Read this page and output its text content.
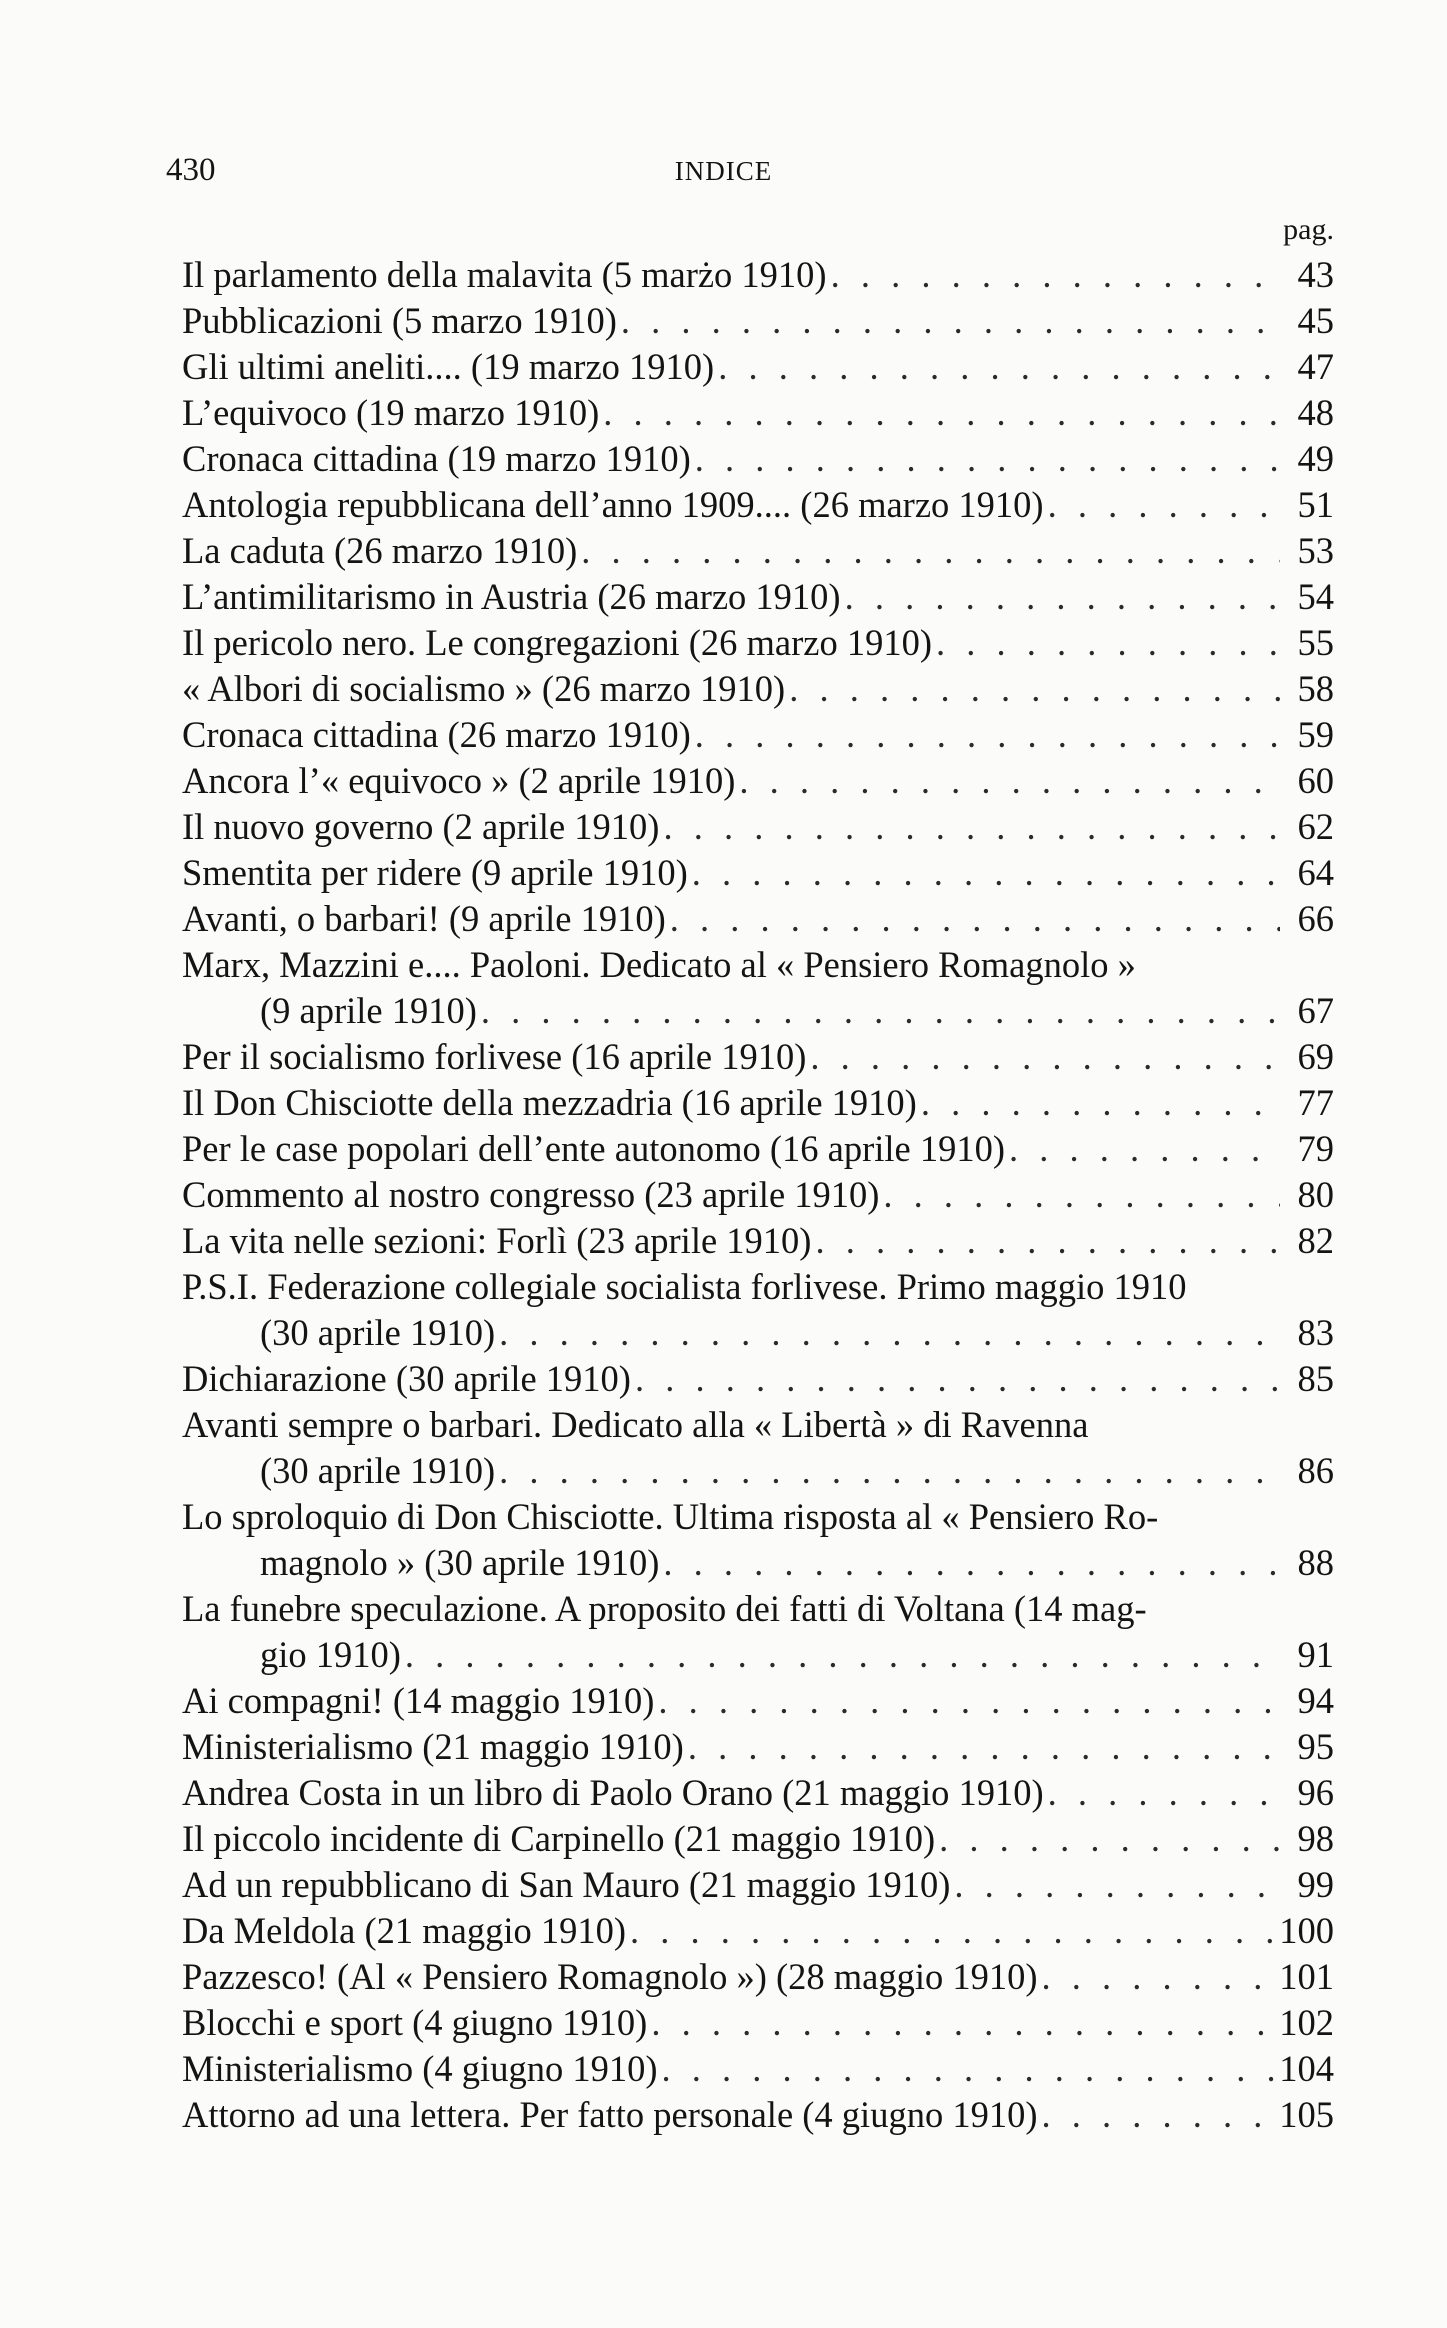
430	INDICE
pag.
Il parlamento della malavita (5 marżo 1910) . . .	43
Pubblicazioni (5 marzo 1910) . . .	45
Gli ultimi aneliti.... (19 marzo 1910) . . .	47
L’equivoco (19 marzo 1910) . . .	48
Cronaca cittadina (19 marzo 1910) . . .	49
Antologia repubblicana dell’anno 1909.... (26 marzo 1910) . . .	51
La caduta (26 marzo 1910) . . .	53
L’antimilitarismo in Austria (26 marzo 1910) . . .	54
Il pericolo nero. Le congregazioni (26 marzo 1910) . . .	55
« Albori di socialismo » (26 marzo 1910) . . .	58
Cronaca cittadina (26 marzo 1910) . . .	59
Ancora l’« equivoco » (2 aprile 1910) . . .	60
Il nuovo governo (2 aprile 1910) . . .	62
Smentita per ridere (9 aprile 1910) . . .	64
Avanti, o barbari! (9 aprile 1910) . . .	66
Marx, Mazzini e.... Paoloni. Dedicato al « Pensiero Romagnolo »
(9 aprile 1910) . . .	67
Per il socialismo forlivese (16 aprile 1910) . . .	69
Il Don Chisciotte della mezzadria (16 aprile 1910) . . .	77
Per le case popolari dell’ente autonomo (16 aprile 1910) . . .	79
Commento al nostro congresso (23 aprile 1910) . . .	80
La vita nelle sezioni: Forlì (23 aprile 1910) . . .	82
P.S.I. Federazione collegiale socialista forlivese. Primo maggio 1910
(30 aprile 1910) . . .	83
Dichiarazione (30 aprile 1910) . . .	85
Avanti sempre o barbari. Dedicato alla « Libertà » di Ravenna
(30 aprile 1910) . . .	86
Lo sproloquio di Don Chisciotte. Ultima risposta al « Pensiero Ro-
magnolo » (30 aprile 1910) . . .	88
La funebre speculazione. A proposito dei fatti di Voltana (14 mag-
gio 1910) . . .	91
Ai compagni! (14 maggio 1910) . . .	94
Ministerialismo (21 maggio 1910) . . .	95
Andrea Costa in un libro di Paolo Orano (21 maggio 1910) . . .	96
Il piccolo incidente di Carpinello (21 maggio 1910) . . .	98
Ad un repubblicano di San Mauro (21 maggio 1910) . . .	99
Da Meldola (21 maggio 1910) . . .	100
Pazzesco! (Al « Pensiero Romagnolo ») (28 maggio 1910) . . .	101
Blocchi e sport (4 giugno 1910) . . .	102
Ministerialismo (4 giugno 1910) . . .	104
Attorno ad una lettera. Per fatto personale (4 giugno 1910) . . .	105
